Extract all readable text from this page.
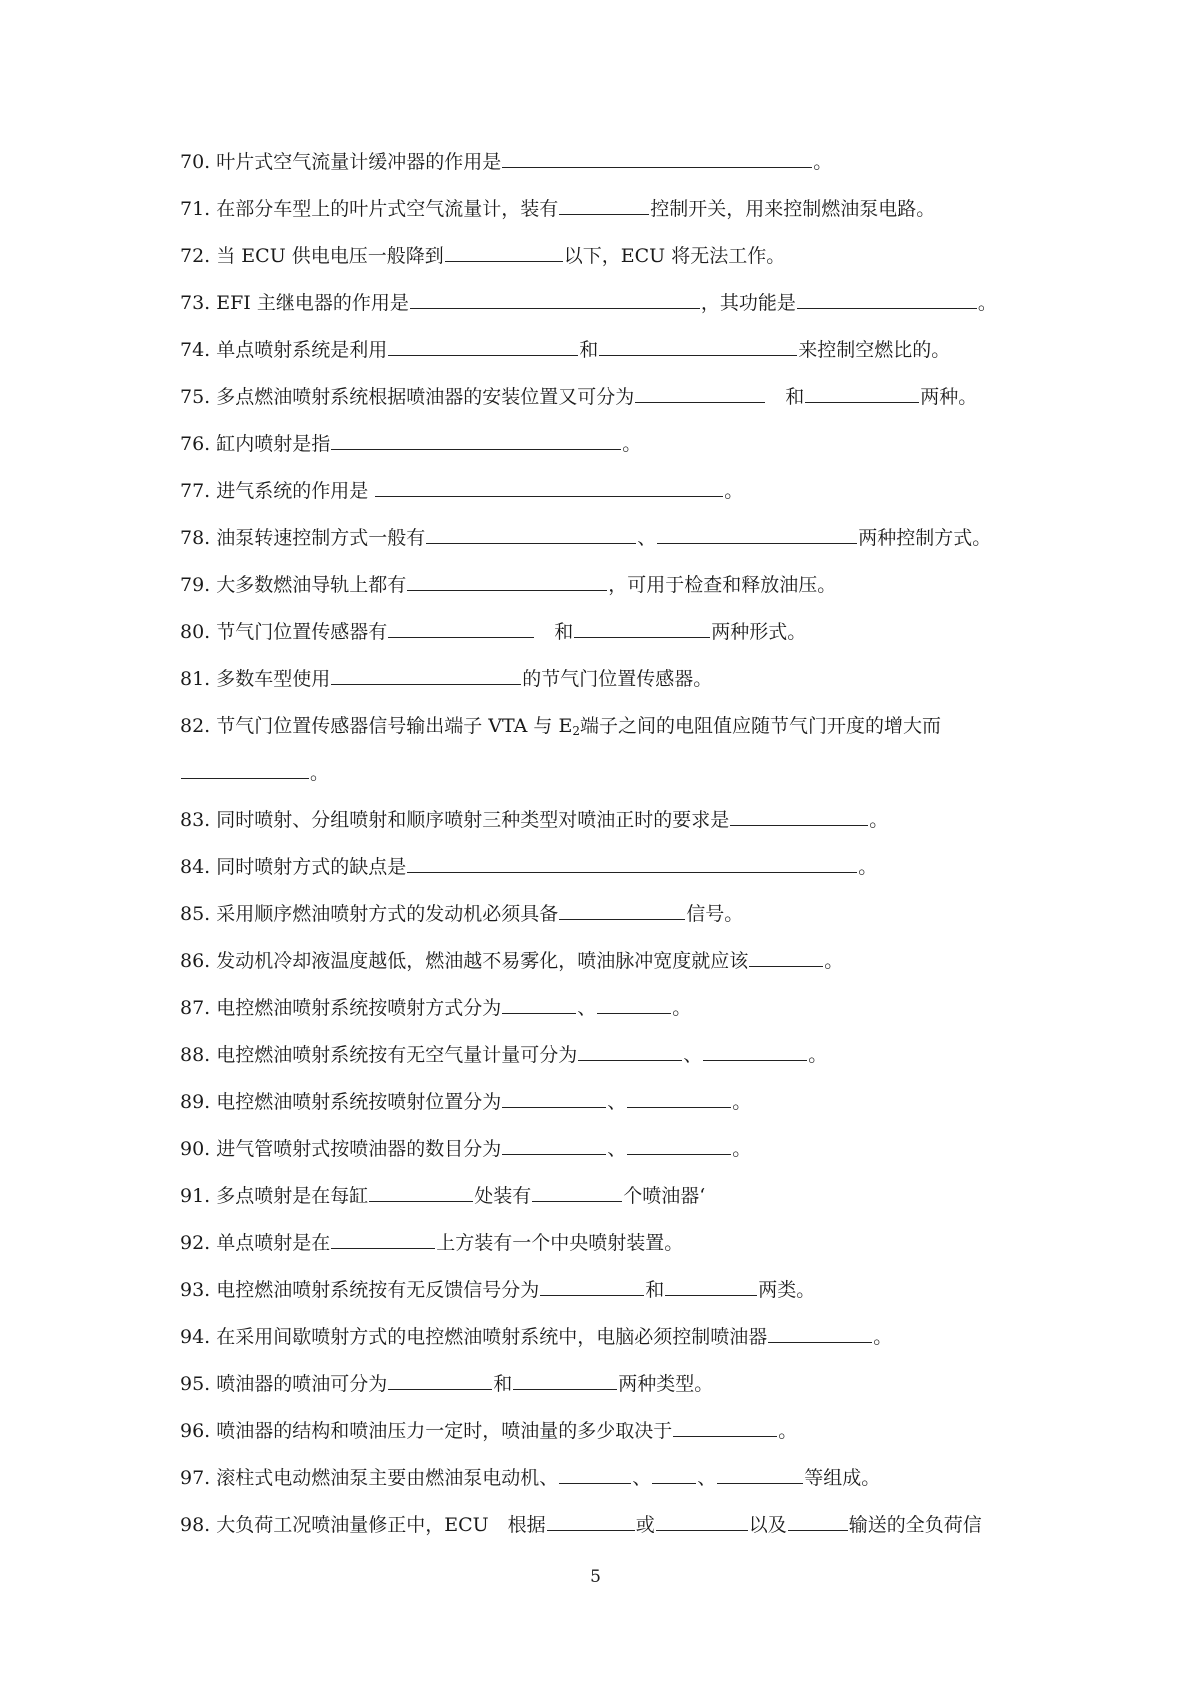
70. 叶片式空气流量计缓冲器的作用是	。
71. 在部分车型上的叶片式空气流量计，装有	控制开关，用来控制燃油泵电路。
72. 当 ECU 供电电压一般降到	以下，ECU 将无法工作。
73. EFI 主继电器的作用是	，其功能是	。
74. 单点喷射系统是利用	和	来控制空燃比的。
75. 多点燃油喷射系统根据喷油器的安装位置又可分为	　和	两种。
76. 缸内喷射是指	。
77. 进气系统的作用是	。
78. 油泵转速控制方式一般有	、	两种控制方式。
79. 大多数燃油导轨上都有	，可用于检查和释放油压。
80. 节气门位置传感器有	　和	两种形式。
81. 多数车型使用	的节气门位置传感器。
82. 节气门位置传感器信号输出端子 VTA 与 $E_2$端子之间的电阻值应随节气门开度的增大而
。
83. 同时喷射、分组喷射和顺序喷射三种类型对喷油正时的要求是	。
84. 同时喷射方式的缺点是	。
85. 采用顺序燃油喷射方式的发动机必须具备	信号。
86. 发动机冷却液温度越低，燃油越不易雾化，喷油脉冲宽度就应该	。
87. 电控燃油喷射系统按喷射方式分为	、	。
88. 电控燃油喷射系统按有无空气量计量可分为	、	。
89. 电控燃油喷射系统按喷射位置分为	、	。
90. 进气管喷射式按喷油器的数目分为	、	。
91. 多点喷射是在每缸	处装有	个喷油器‘
92. 单点喷射是在	上方装有一个中央喷射装置。
93. 电控燃油喷射系统按有无反馈信号分为	和	两类。
94. 在采用间歇喷射方式的电控燃油喷射系统中，电脑必须控制喷油器	。
95. 喷油器的喷油可分为	和	两种类型。
96. 喷油器的结构和喷油压力一定时，喷油量的多少取决于	。
97. 滚柱式电动燃油泵主要由燃油泵电动机、	、 、	等组成。
98. 大负荷工况喷油量修正中，ECU　根据	或	以及	输送的全负荷信
5
